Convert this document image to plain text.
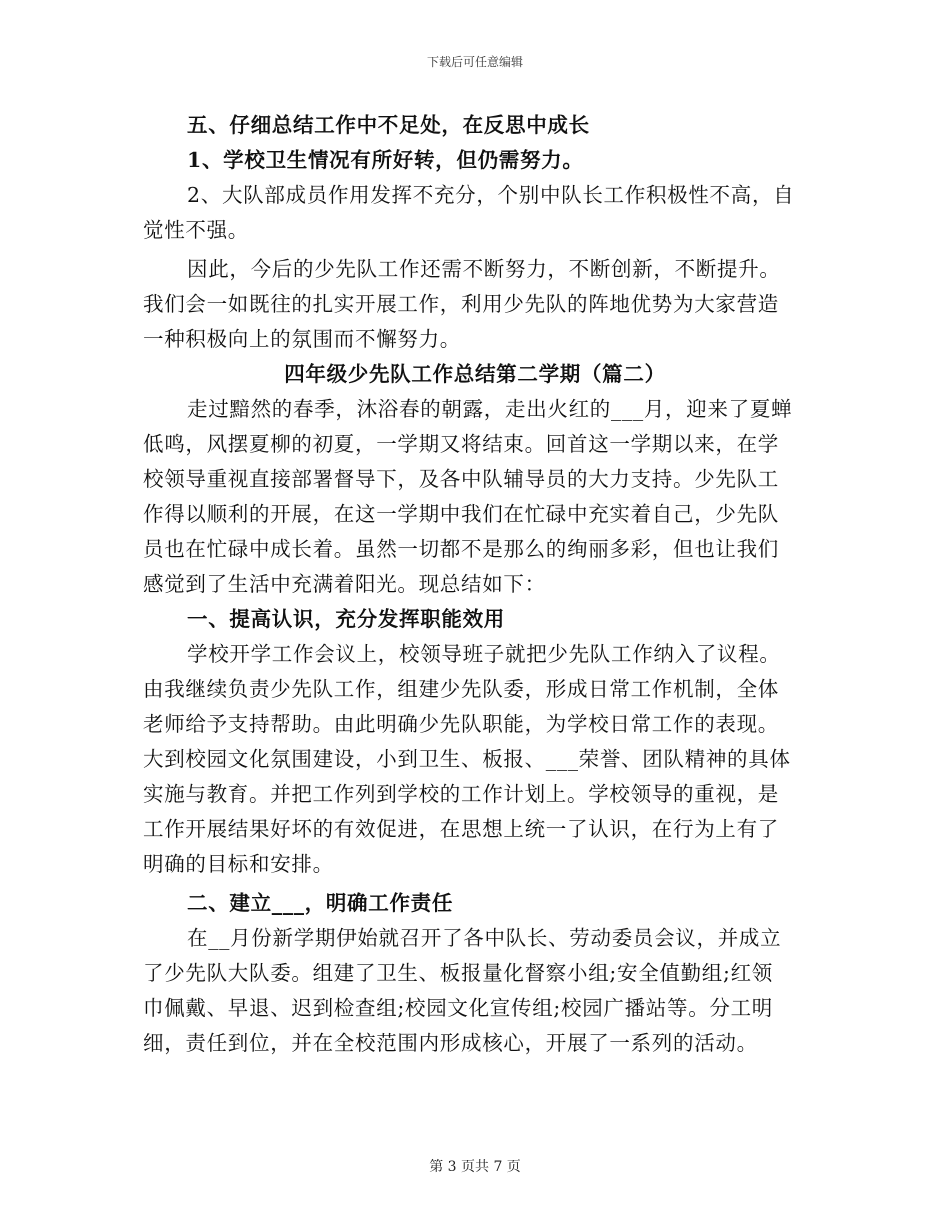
下载后可任意编辑
五、仔细总结工作中不足处，在反思中成长
1、学校卫生情况有所好转，但仍需努力。
2、大队部成员作用发挥不充分，个别中队长工作积极性不高，自
觉性不强。
因此，今后的少先队工作还需不断努力，不断创新，不断提升。
我们会一如既往的扎实开展工作，利用少先队的阵地优势为大家营造
一种积极向上的氛围而不懈努力。
四年级少先队工作总结第二学期（篇二）
走过黯然的春季，沐浴春的朝露，走出火红的___月，迎来了夏蝉
低鸣，风摆夏柳的初夏，一学期又将结束。回首这一学期以来，在学
校领导重视直接部署督导下，及各中队辅导员的大力支持。少先队工
作得以顺利的开展，在这一学期中我们在忙碌中充实着自己，少先队
员也在忙碌中成长着。虽然一切都不是那么的绚丽多彩，但也让我们
感觉到了生活中充满着阳光。现总结如下：
一、提高认识，充分发挥职能效用
学校开学工作会议上，校领导班子就把少先队工作纳入了议程。
由我继续负责少先队工作，组建少先队委，形成日常工作机制，全体
老师给予支持帮助。由此明确少先队职能，为学校日常工作的表现。
大到校园文化氛围建设，小到卫生、板报、___荣誉、团队精神的具体
实施与教育。并把工作列到学校的工作计划上。学校领导的重视，是
工作开展结果好坏的有效促进，在思想上统一了认识，在行为上有了
明确的目标和安排。
二、建立___，明确工作责任
在__月份新学期伊始就召开了各中队长、劳动委员会议，并成立
了少先队大队委。组建了卫生、板报量化督察小组;安全值勤组;红领
巾佩戴、早退、迟到检查组;校园文化宣传组;校园广播站等。分工明
细，责任到位，并在全校范围内形成核心，开展了一系列的活动。
第 3 页共 7 页
